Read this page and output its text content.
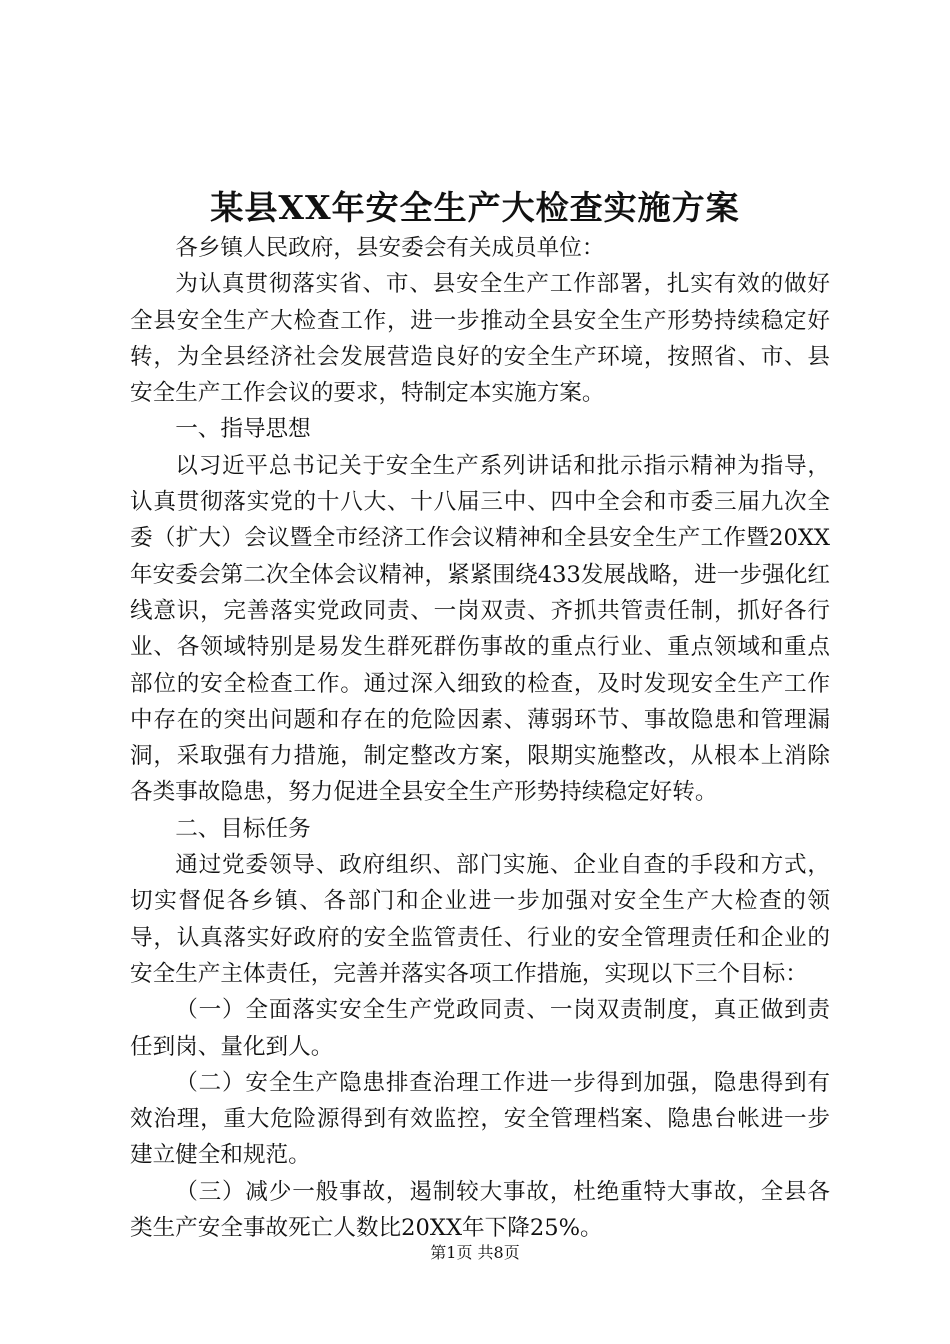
某县XX年安全生产大检查实施方案

各乡镇人民政府，县安委会有关成员单位：

为认真贯彻落实省、市、县安全生产工作部署，扎实有效的做好全县安全生产大检查工作，进一步推动全县安全生产形势持续稳定好转，为全县经济社会发展营造良好的安全生产环境，按照省、市、县安全生产工作会议的要求，特制定本实施方案。

一、指导思想

以习近平总书记关于安全生产系列讲话和批示指示精神为指导，认真贯彻落实党的十八大、十八届三中、四中全会和市委三届九次全委（扩大）会议暨全市经济工作会议精神和全县安全生产工作暨20XX年安委会第二次全体会议精神，紧紧围绕433发展战略，进一步强化红线意识，完善落实党政同责、一岗双责、齐抓共管责任制，抓好各行业、各领域特别是易发生群死群伤事故的重点行业、重点领域和重点部位的安全检查工作。通过深入细致的检查，及时发现安全生产工作中存在的突出问题和存在的危险因素、薄弱环节、事故隐患和管理漏洞，采取强有力措施，制定整改方案，限期实施整改，从根本上消除各类事故隐患，努力促进全县安全生产形势持续稳定好转。

二、目标任务

通过党委领导、政府组织、部门实施、企业自查的手段和方式，切实督促各乡镇、各部门和企业进一步加强对安全生产大检查的领导，认真落实好政府的安全监管责任、行业的安全管理责任和企业的安全生产主体责任，完善并落实各项工作措施，实现以下三个目标：

（一）全面落实安全生产党政同责、一岗双责制度，真正做到责任到岗、量化到人。

（二）安全生产隐患排查治理工作进一步得到加强，隐患得到有效治理，重大危险源得到有效监控，安全管理档案、隐患台帐进一步建立健全和规范。

（三）减少一般事故，遏制较大事故，杜绝重特大事故，全县各类生产安全事故死亡人数比20XX年下降25%。

第1页 共8页
